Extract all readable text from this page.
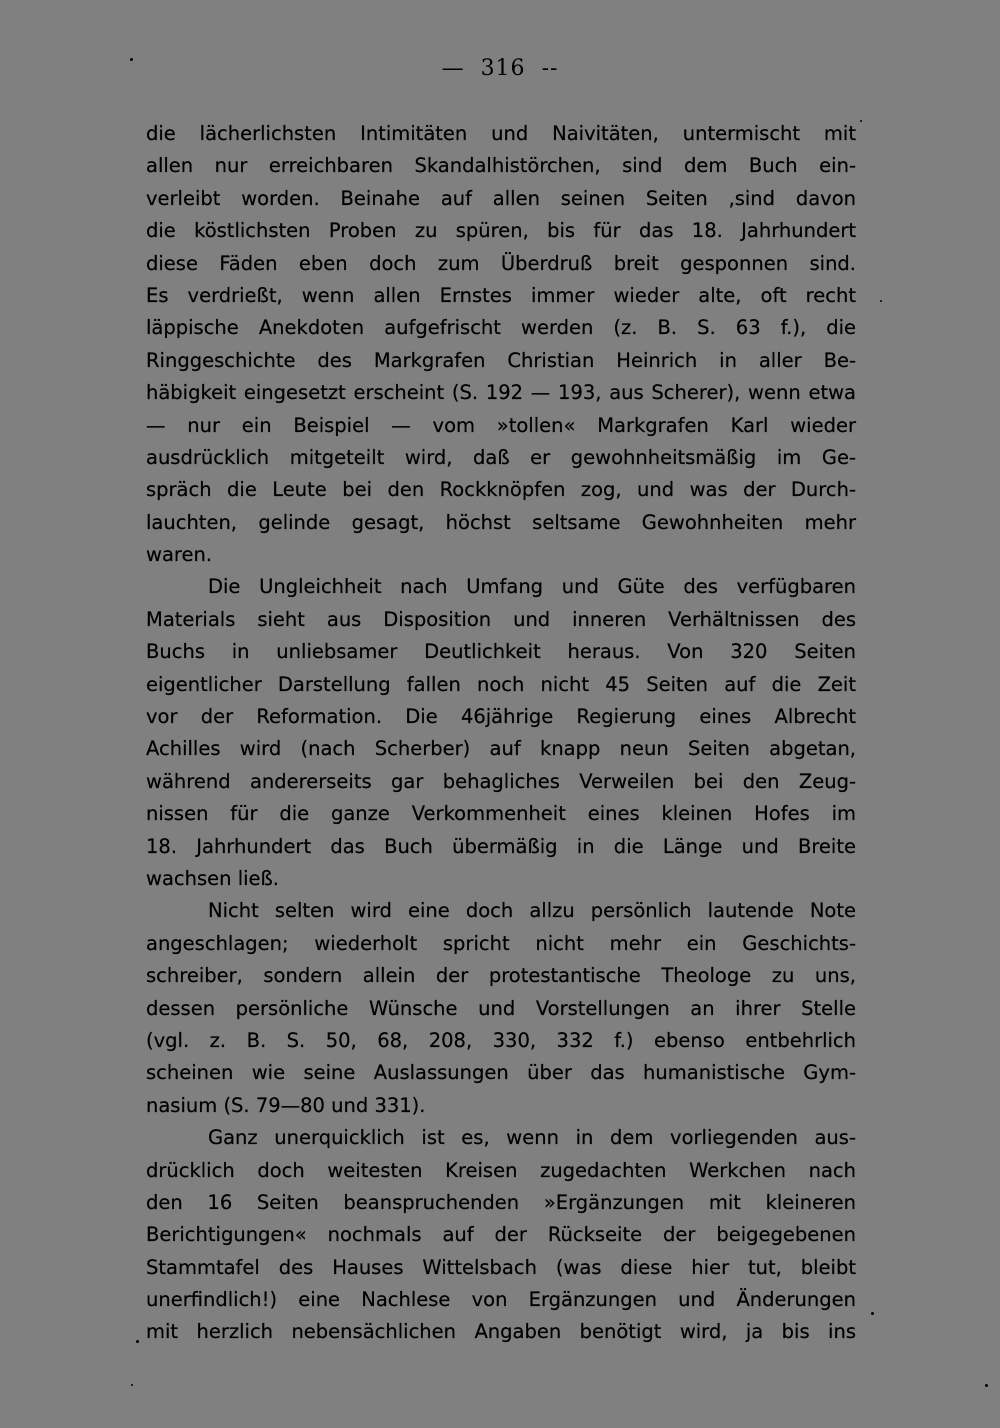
— 316 --
die lächerlichsten Intimitäten und Naivitäten, untermischt mit
allen nur erreichbaren Skandalhistörchen, sind dem Buch ein-
verleibt worden. Beinahe auf allen seinen Seiten ‚sind davon
die köstlichsten Proben zu spüren, bis für das 18. Jahrhundert
diese Fäden eben doch zum Überdruß breit gesponnen sind.
Es verdrießt, wenn allen Ernstes immer wieder alte, oft recht
läppische Anekdoten aufgefrischt werden (z. B. S. 63 f.), die
Ringgeschichte des Markgrafen Christian Heinrich in aller Be-
häbigkeit eingesetzt erscheint (S. 192 — 193, aus Scherer), wenn etwa
— nur ein Beispiel — vom »tollen« Markgrafen Karl wieder
ausdrücklich mitgeteilt wird, daß er gewohnheitsmäßig im Ge-
spräch die Leute bei den Rockknöpfen zog, und was der Durch-
lauchten, gelinde gesagt, höchst seltsame Gewohnheiten mehr
waren.
Die Ungleichheit nach Umfang und Güte des verfügbaren
Materials sieht aus Disposition und inneren Verhältnissen des
Buchs in unliebsamer Deutlichkeit heraus. Von 320 Seiten
eigentlicher Darstellung fallen noch nicht 45 Seiten auf die Zeit
vor der Reformation. Die 46jährige Regierung eines Albrecht
Achilles wird (nach Scherber) auf knapp neun Seiten abgetan,
während andererseits gar behagliches Verweilen bei den Zeug-
nissen für die ganze Verkommenheit eines kleinen Hofes im
18. Jahrhundert das Buch übermäßig in die Länge und Breite
wachsen ließ.
Nicht selten wird eine doch allzu persönlich lautende Note
angeschlagen; wiederholt spricht nicht mehr ein Geschichts-
schreiber, sondern allein der protestantische Theologe zu uns,
dessen persönliche Wünsche und Vorstellungen an ihrer Stelle
(vgl. z. B. S. 50, 68, 208, 330, 332 f.) ebenso entbehrlich
scheinen wie seine Auslassungen über das humanistische Gym-
nasium (S. 79—80 und 331).
Ganz unerquicklich ist es, wenn in dem vorliegenden aus-
drücklich doch weitesten Kreisen zugedachten Werkchen nach
den 16 Seiten beanspruchenden »Ergänzungen mit kleineren
Berichtigungen« nochmals auf der Rückseite der beigegebenen
Stammtafel des Hauses Wittelsbach (was diese hier tut, bleibt
unerfindlich!) eine Nachlese von Ergänzungen und Änderungen
mit herzlich nebensächlichen Angaben benötigt wird, ja bis ins
